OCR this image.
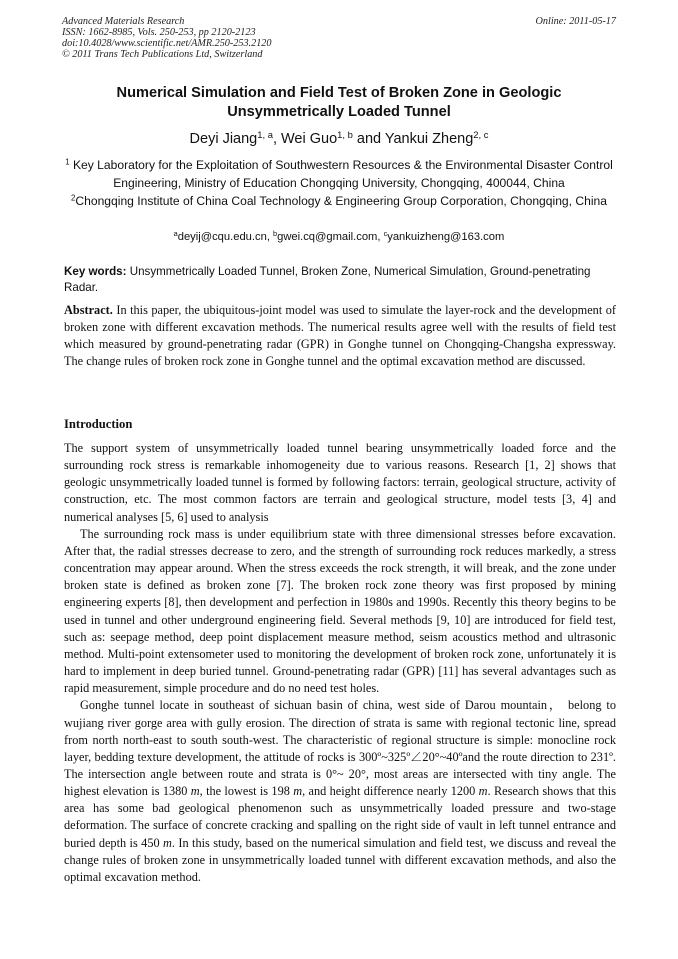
Advanced Materials Research
ISSN: 1662-8985, Vols. 250-253, pp 2120-2123
doi:10.4028/www.scientific.net/AMR.250-253.2120
© 2011 Trans Tech Publications Ltd, Switzerland
Online: 2011-05-17
Numerical Simulation and Field Test of Broken Zone in Geologic
Unsymmetrically Loaded Tunnel
Deyi Jiang$^{1, a}$, Wei Guo$^{1, b}$ and Yankui Zheng$^{2, c}$
$^1$ Key Laboratory for the Exploitation of Southwestern Resources & the Environmental Disaster Control Engineering, Ministry of Education Chongqing University, Chongqing, 400044, China
$^2$Chongqing Institute of China Coal Technology & Engineering Group Corporation, Chongqing, China
$^a$deyij@cqu.edu.cn, $^b$gwei.cq@gmail.com, $^c$yankuizheng@163.com
Key words: Unsymmetrically Loaded Tunnel, Broken Zone, Numerical Simulation, Ground-penetrating Radar.
Abstract. In this paper, the ubiquitous-joint model was used to simulate the layer-rock and the development of broken zone with different excavation methods. The numerical results agree well with the results of field test which measured by ground-penetrating radar (GPR) in Gonghe tunnel on Chongqing-Changsha expressway. The change rules of broken rock zone in Gonghe tunnel and the optimal excavation method are discussed.
Introduction

The support system of unsymmetrically loaded tunnel bearing unsymmetrically loaded force and the surrounding rock stress is remarkable inhomogeneity due to various reasons. Research [1, 2] shows that geologic unsymmetrically loaded tunnel is formed by following factors: terrain, geological structure, activity of construction, etc. The most common factors are terrain and geological structure, model tests [3, 4] and numerical analyses [5, 6] used to analysis

The surrounding rock mass is under equilibrium state with three dimensional stresses before excavation. After that, the radial stresses decrease to zero, and the strength of surrounding rock reduces markedly, a stress concentration may appear around. When the stress exceeds the rock strength, it will break, and the zone under broken state is defined as broken zone [7]. The broken rock zone theory was first proposed by mining engineering experts [8], then development and perfection in 1980s and 1990s. Recently this theory begins to be used in tunnel and other underground engineering field. Several methods [9, 10] are introduced for field test, such as: seepage method, deep point displacement measure method, seism acoustics method and ultrasonic method. Multi-point extensometer used to monitoring the development of broken rock zone, unfortunately it is hard to implement in deep buried tunnel. Ground-penetrating radar (GPR) [11] has several advantages such as rapid measurement, simple procedure and do no need test holes.

Gonghe tunnel locate in southeast of sichuan basin of china, west side of Darou mountain， belong to wujiang river gorge area with gully erosion. The direction of strata is same with regional tectonic line, spread from north north-east to south south-west. The characteristic of regional structure is simple: monocline rock layer, bedding texture development, the attitude of rocks is 300º~325º∠20°~40ºand the route direction to 231º. The intersection angle between route and strata is 0°~ 20°, most areas are intersected with tiny angle. The highest elevation is 1380 m, the lowest is 198 m, and height difference nearly 1200 m. Research shows that this area has some bad geological phenomenon such as unsymmetrically loaded pressure and two-stage deformation. The surface of concrete cracking and spalling on the right side of vault in left tunnel entrance and buried depth is 450 m. In this study, based on the numerical simulation and field test, we discuss and reveal the change rules of broken zone in unsymmetrically loaded tunnel with different excavation methods, and also the optimal excavation method.
